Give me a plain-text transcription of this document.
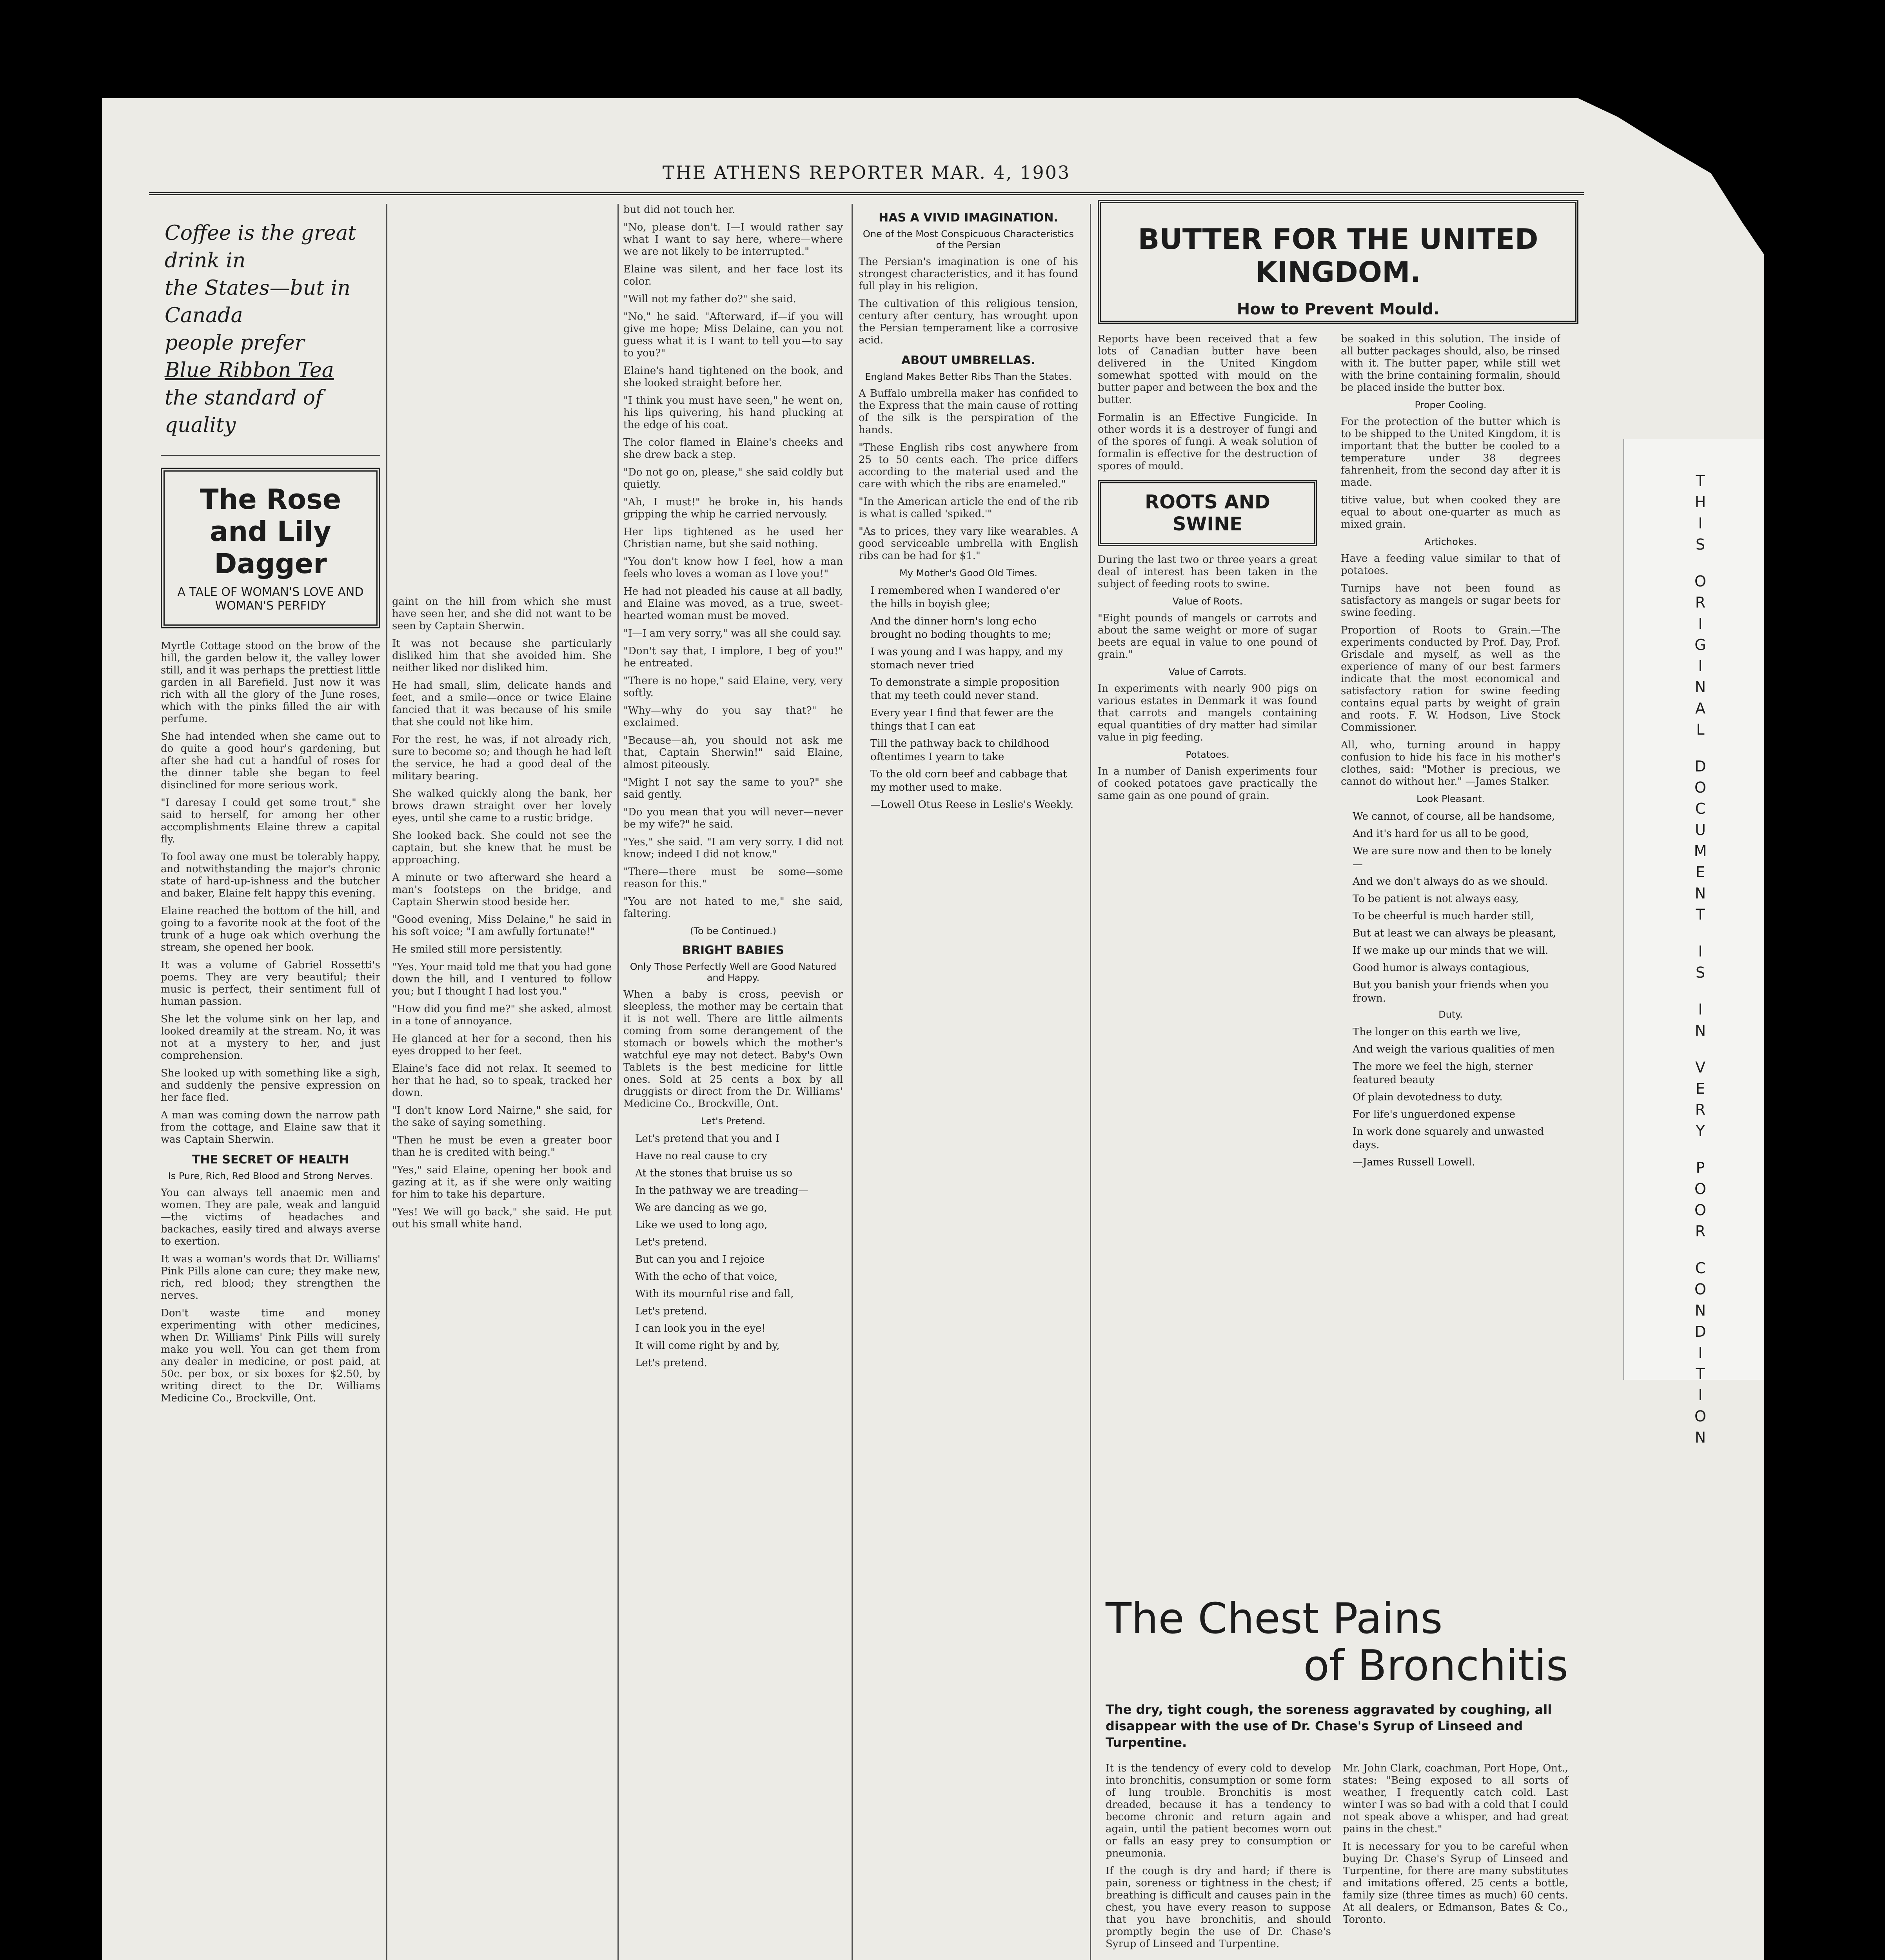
THE ATHENS REPORTER MAR. 4, 1903
Coffee is the great drink in
the States—but in Canada
people prefer
Blue Ribbon Tea
the standard of quality
The Rose and Lily Dagger
A TALE OF WOMAN'S LOVE AND WOMAN'S PERFIDY

Myrtle Cottage stood on the brow of the hill, the garden below it, the valley lower still, and it was perhaps the prettiest little garden in all Barefield. Just now it was rich with all the glory of the June roses, which with the pinks filled the air with perfume.

She had intended when she came out to do quite a good hour's gardening, but after she had cut a handful of roses for the dinner table she began to feel disinclined for more serious work.

"I daresay I could get some trout," she said to herself, for among her other accomplishments Elaine threw a capital fly.

To fool away one must be tolerably happy, and notwithstanding the major's chronic state of hard-up-ishness and the butcher and baker, Elaine felt happy this evening.

Elaine reached the bottom of the hill, and going to a favorite nook at the foot of the trunk of a huge oak which overhung the stream, she opened her book.

It was a volume of Gabriel Rossetti's poems. They are very beautiful; their music is perfect, their sentiment full of human passion.

She let the volume sink on her lap, and looked dreamily at the stream. No, it was not at a mystery to her, and just comprehension.

She looked up with something like a sigh, and suddenly the pensive expression on her face fled.

A man was coming down the narrow path from the cottage, and Elaine saw that it was Captain Sherwin.

THE SECRET OF HEALTH
Is Pure, Rich, Red Blood and Strong Nerves.

You can always tell anaemic men and women. They are pale, weak and languid—the victims of headaches and backaches, easily tired and always averse to exertion.

It was a woman's words that Dr. Williams' Pink Pills alone can cure; they make new, rich, red blood; they strengthen the nerves.

Don't waste time and money experimenting with other medicines, when Dr. Williams' Pink Pills will surely make you well. You can get them from any dealer in medicine, or post paid, at 50c. per box, or six boxes for $2.50, by writing direct to the Dr. Williams Medicine Co., Brockville, Ont.

gaint on the hill from which she must have seen her, and she did not want to be seen by Captain Sherwin.

It was not because she particularly disliked him that she avoided him. She neither liked nor disliked him.

He had small, slim, delicate hands and feet, and a smile—once or twice Elaine fancied that it was because of his smile that she could not like him.

For the rest, he was, if not already rich, sure to become so; and though he had left the service, he had a good deal of the military bearing.

She walked quickly along the bank, her brows drawn straight over her lovely eyes, until she came to a rustic bridge.

She looked back. She could not see the captain, but she knew that he must be approaching.

A minute or two afterward she heard a man's footsteps on the bridge, and Captain Sherwin stood beside her.

"Good evening, Miss Delaine," he said in his soft voice; "I am awfully fortunate!"

He smiled still more persistently.

"Yes. Your maid told me that you had gone down the hill, and I ventured to follow you; but I thought I had lost you."

"How did you find me?" she asked, almost in a tone of annoyance.

He glanced at her for a second, then his eyes dropped to her feet.

Elaine's face did not relax. It seemed to her that he had, so to speak, tracked her down.

"I don't know Lord Nairne," she said, for the sake of saying something.

"Then he must be even a greater boor than he is credited with being."

"Yes," said Elaine, opening her book and gazing at it, as if she were only waiting for him to take his departure.

"Yes! We will go back," she said. He put out his small white hand.

but did not touch her.

"No, please don't. I—I would rather say what I want to say here, where—where we are not likely to be interrupted."

Elaine was silent, and her face lost its color.

"Will not my father do?" she said.

"No," he said. "Afterward, if—if you will give me hope; Miss Delaine, can you not guess what it is I want to tell you—to say to you?"

Elaine's hand tightened on the book, and she looked straight before her.

"I think you must have seen," he went on, his lips quivering, his hand plucking at the edge of his coat.

The color flamed in Elaine's cheeks and she drew back a step.

"Do not go on, please," she said coldly but quietly.

"Ah, I must!" he broke in, his hands gripping the whip he carried nervously.

Her lips tightened as he used her Christian name, but she said nothing.

"You don't know how I feel, how a man feels who loves a woman as I love you!"

He had not pleaded his cause at all badly, and Elaine was moved, as a true, sweet-hearted woman must be moved.

"I—I am very sorry," was all she could say.

"Don't say that, I implore, I beg of you!" he entreated.

"There is no hope," said Elaine, very, very softly.

"Why—why do you say that?" he exclaimed.

"Because—ah, you should not ask me that, Captain Sherwin!" said Elaine, almost piteously.

"Might I not say the same to you?" she said gently.

"Do you mean that you will never—never be my wife?" he said.

"Yes," she said. "I am very sorry. I did not know; indeed I did not know."

"There—there must be some—some reason for this."

"You are not hated to me," she said, faltering.

(To be Continued.)
BRIGHT BABIES
Only Those Perfectly Well are Good Natured and Happy.

When a baby is cross, peevish or sleepless, the mother may be certain that it is not well. There are little ailments coming from some derangement of the stomach or bowels which the mother's watchful eye may not detect. Baby's Own Tablets is the best medicine for little ones. Sold at 25 cents a box by all druggists or direct from the Dr. Williams' Medicine Co., Brockville, Ont.

Let's Pretend.
Let's pretend that you and I
Have no real cause to cry
At the stones that bruise us so
In the pathway we are treading—
We are dancing as we go,
Like we used to long ago,
Let's pretend.
But can you and I rejoice
With the echo of that voice,
With its mournful rise and fall,
Let's pretend.
I can look you in the eye!
It will come right by and by,
Let's pretend.
HAS A VIVID IMAGINATION.
One of the Most Conspicuous Characteristics of the Persian

The Persian's imagination is one of his strongest characteristics, and it has found full play in his religion.

The cultivation of this religious tension, century after century, has wrought upon the Persian temperament like a corrosive acid.

ABOUT UMBRELLAS.
England Makes Better Ribs Than the States.

A Buffalo umbrella maker has confided to the Express that the main cause of rotting of the silk is the perspiration of the hands.

"These English ribs cost anywhere from 25 to 50 cents each. The price differs according to the material used and the care with which the ribs are enameled."

"In the American article the end of the rib is what is called 'spiked.'"

"As to prices, they vary like wearables. A good serviceable umbrella with English ribs can be had for $1."

My Mother's Good Old Times.
I remembered when I wandered o'er the hills in boyish glee;
And the dinner horn's long echo brought no boding thoughts to me;
I was young and I was happy, and my stomach never tried
To demonstrate a simple proposition that my teeth could never stand.
Every year I find that fewer are the things that I can eat
Till the pathway back to childhood oftentimes I yearn to take
To the old corn beef and cabbage that my mother used to make.
—Lowell Otus Reese in Leslie's Weekly.
BUTTER FOR THE UNITED KINGDOM.
How to Prevent Mould.

Reports have been received that a few lots of Canadian butter have been delivered in the United Kingdom somewhat spotted with mould on the butter paper and between the box and the butter.

Formalin is an Effective Fungicide. In other words it is a destroyer of fungi and of the spores of fungi. A weak solution of formalin is effective for the destruction of spores of mould.

ROOTS AND SWINE

During the last two or three years a great deal of interest has been taken in the subject of feeding roots to swine.

Value of Roots.

"Eight pounds of mangels or carrots and about the same weight or more of sugar beets are equal in value to one pound of grain."

Value of Carrots.

In experiments with nearly 900 pigs on various estates in Denmark it was found that carrots and mangels containing equal quantities of dry matter had similar value in pig feeding.

Potatoes.

In a number of Danish experiments four of cooked potatoes gave practically the same gain as one pound of grain.

be soaked in this solution. The inside of all butter packages should, also, be rinsed with it. The butter paper, while still wet with the brine containing formalin, should be placed inside the butter box.

Proper Cooling.

For the protection of the butter which is to be shipped to the United Kingdom, it is important that the butter be cooled to a temperature under 38 degrees fahrenheit, from the second day after it is made.

titive value, but when cooked they are equal to about one-quarter as much as mixed grain.

Artichokes.

Have a feeding value similar to that of potatoes.

Turnips have not been found as satisfactory as mangels or sugar beets for swine feeding.

Proportion of Roots to Grain.—The experiments conducted by Prof. Day, Prof. Grisdale and myself, as well as the experience of many of our best farmers indicate that the most economical and satisfactory ration for swine feeding contains equal parts by weight of grain and roots. F. W. Hodson, Live Stock Commissioner.

All, who, turning around in happy confusion to hide his face in his mother's clothes, said: "Mother is precious, we cannot do without her." —James Stalker.

Look Pleasant.
We cannot, of course, all be handsome,
And it's hard for us all to be good,
We are sure now and then to be lonely—
And we don't always do as we should.
To be patient is not always easy,
To be cheerful is much harder still,
But at least we can always be pleasant,
If we make up our minds that we will.
Good humor is always contagious,
But you banish your friends when you frown.
Duty.
The longer on this earth we live,
And weigh the various qualities of men
The more we feel the high, sterner featured beauty
Of plain devotedness to duty.
For life's unguerdoned expense
In work done squarely and unwasted days.
—James Russell Lowell.
The Chest Pains
of Bronchitis
The dry, tight cough, the soreness aggravated by coughing, all disappear with the use of Dr. Chase's Syrup of Linseed and Turpentine.

It is the tendency of every cold to develop into bronchitis, consumption or some form of lung trouble. Bronchitis is most dreaded, because it has a tendency to become chronic and return again and again, until the patient becomes worn out or falls an easy prey to consumption or pneumonia.

If the cough is dry and hard; if there is pain, soreness or tightness in the chest; if breathing is difficult and causes pain in the chest, you have every reason to suppose that you have bronchitis, and should promptly begin the use of Dr. Chase's Syrup of Linseed and Turpentine.

Mr. John Clark, coachman, Port Hope, Ont., states: "Being exposed to all sorts of weather, I frequently catch cold. Last winter I was so bad with a cold that I could not speak above a whisper, and had great pains in the chest."

It is necessary for you to be careful when buying Dr. Chase's Syrup of Linseed and Turpentine, for there are many substitutes and imitations offered. 25 cents a bottle, family size (three times as much) 60 cents. At all dealers, or Edmanson, Bates & Co., Toronto.

T
H
I
S
O
R
I
G
I
N
A
L
D
O
C
U
M
E
N
T
I
S
I
N
V
E
R
Y
P
O
O
R
C
O
N
D
I
T
I
O
N
